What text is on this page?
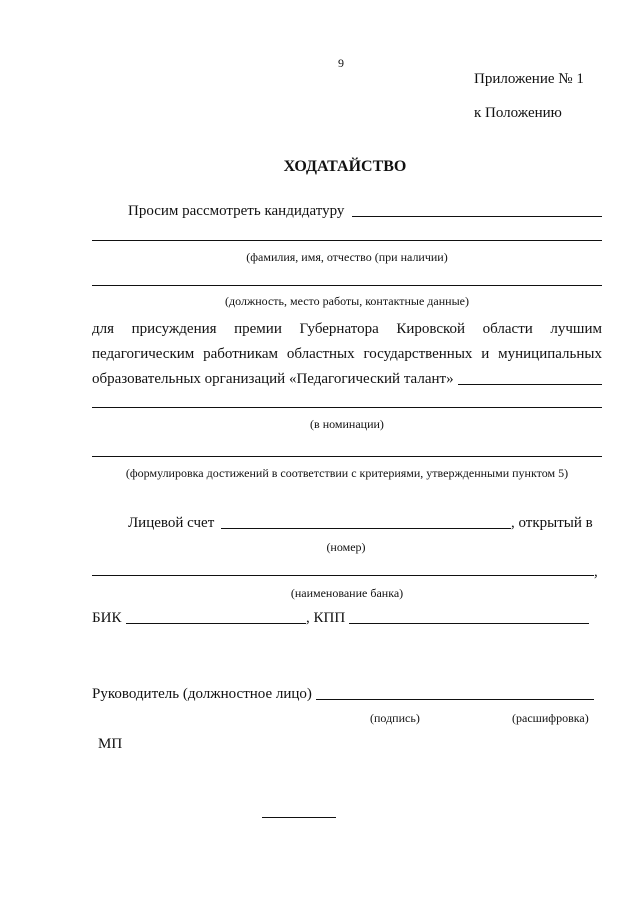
9
Приложение № 1
к Положению
ХОДАТАЙСТВО
Просим рассмотреть кандидатуру
(фамилия, имя, отчество (при наличии)
(должность, место работы, контактные данные)
для присуждения премии Губернатора Кировской области лучшим
педагогическим работникам областных государственных и муниципальных
образовательных организаций «Педагогический талант»
(в номинации)
(формулировка достижений в соответствии с критериями, утвержденными пунктом 5)
Лицевой счет	, открытый в
(номер)
,
(наименование банка)
БИК	, КПП
Руководитель (должностное лицо)
(подпись)	(расшифровка)
МП
